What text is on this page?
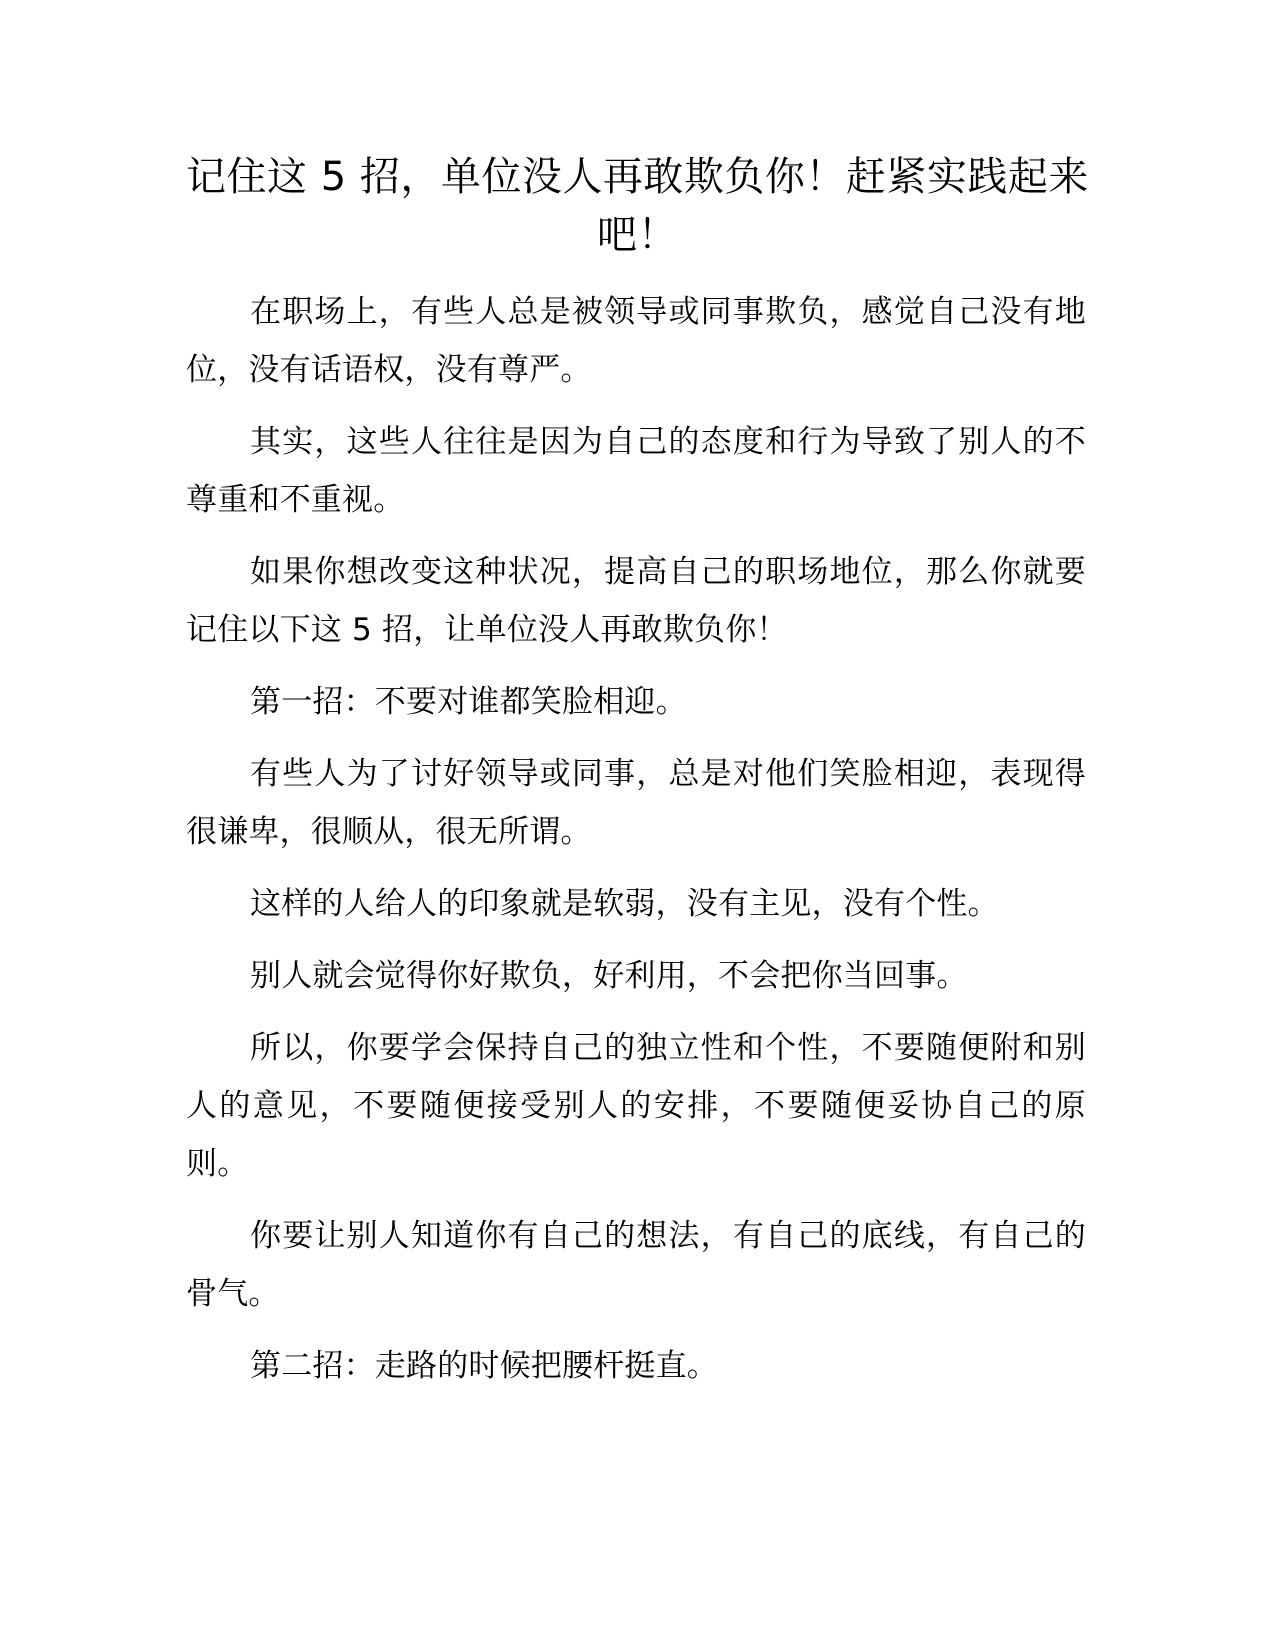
记住这 5 招，单位没人再敢欺负你！赶紧实践起来吧！

在职场上，有些人总是被领导或同事欺负，感觉自己没有地位，没有话语权，没有尊严。

其实，这些人往往是因为自己的态度和行为导致了别人的不尊重和不重视。

如果你想改变这种状况，提高自己的职场地位，那么你就要记住以下这 5 招，让单位没人再敢欺负你！

第一招：不要对谁都笑脸相迎。

有些人为了讨好领导或同事，总是对他们笑脸相迎，表现得很谦卑，很顺从，很无所谓。

这样的人给人的印象就是软弱，没有主见，没有个性。

别人就会觉得你好欺负，好利用，不会把你当回事。

所以，你要学会保持自己的独立性和个性，不要随便附和别人的意见，不要随便接受别人的安排，不要随便妥协自己的原则。

你要让别人知道你有自己的想法，有自己的底线，有自己的骨气。

第二招：走路的时候把腰杆挺直。
